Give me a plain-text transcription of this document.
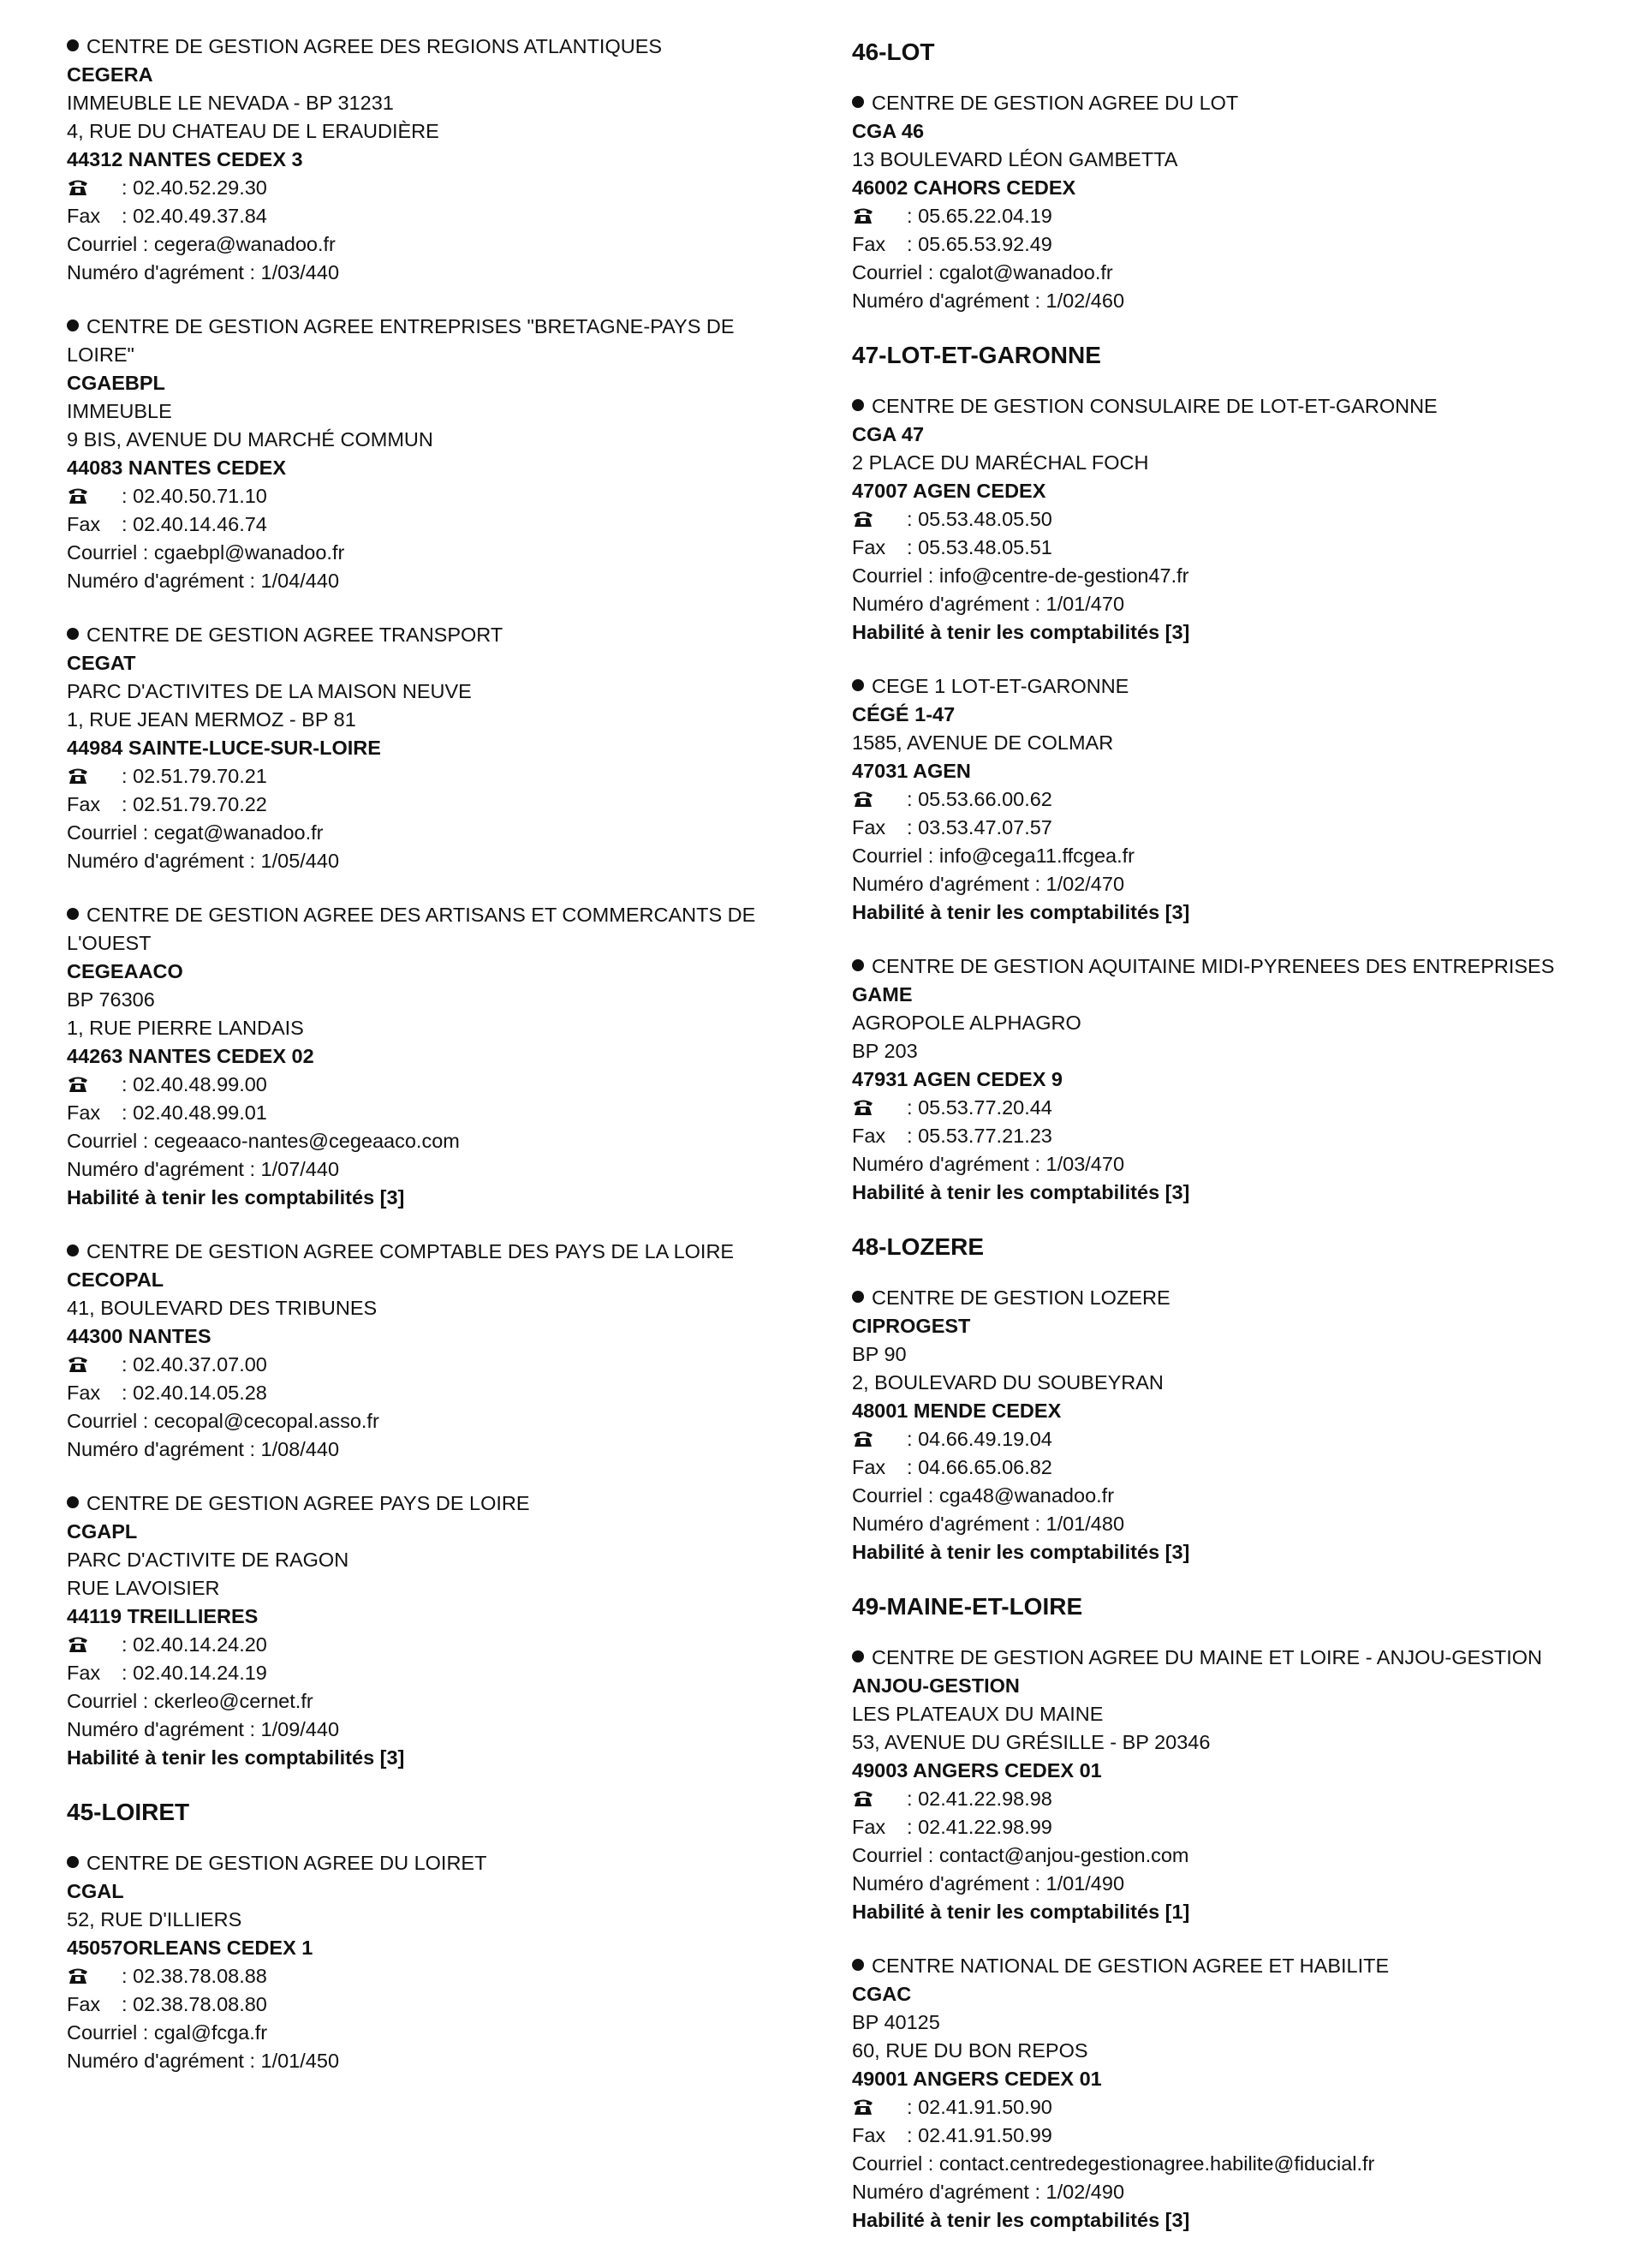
CENTRE DE GESTION AGREE DES REGIONS ATLANTIQUES
CEGERA
IMMEUBLE LE NEVADA - BP 31231
4, RUE DU CHATEAU DE L ERAUDIÈRE
44312 NANTES CEDEX 3
: 02.40.52.29.30
Fax : 02.40.49.37.84
Courriel : cegera@wanadoo.fr
Numéro d'agrément : 1/03/440
CENTRE DE GESTION AGREE ENTREPRISES "BRETAGNE-PAYS DE LOIRE"
CGAEBPL
IMMEUBLE
9 BIS, AVENUE DU MARCHÉ COMMUN
44083 NANTES CEDEX
: 02.40.50.71.10
Fax : 02.40.14.46.74
Courriel : cgaebpl@wanadoo.fr
Numéro d'agrément : 1/04/440
CENTRE DE GESTION AGREE TRANSPORT
CEGAT
PARC D'ACTIVITES DE LA MAISON NEUVE
1, RUE JEAN MERMOZ - BP 81
44984 SAINTE-LUCE-SUR-LOIRE
: 02.51.79.70.21
Fax : 02.51.79.70.22
Courriel : cegat@wanadoo.fr
Numéro d'agrément : 1/05/440
CENTRE DE GESTION AGREE DES ARTISANS ET COMMERCANTS DE L'OUEST
CEGEAACO
BP 76306
1, RUE PIERRE LANDAIS
44263 NANTES CEDEX 02
: 02.40.48.99.00
Fax : 02.40.48.99.01
Courriel : cegeaaco-nantes@cegeaaco.com
Numéro d'agrément : 1/07/440
Habilité à tenir les comptabilités [3]
CENTRE DE GESTION AGREE COMPTABLE DES PAYS DE LA LOIRE
CECOPAL
41, BOULEVARD DES TRIBUNES
44300 NANTES
: 02.40.37.07.00
Fax : 02.40.14.05.28
Courriel : cecopal@cecopal.asso.fr
Numéro d'agrément : 1/08/440
CENTRE DE GESTION AGREE PAYS DE LOIRE
CGAPL
PARC D'ACTIVITE DE RAGON
RUE LAVOISIER
44119 TREILLIERES
: 02.40.14.24.20
Fax : 02.40.14.24.19
Courriel : ckerleo@cernet.fr
Numéro d'agrément : 1/09/440
Habilité à tenir les comptabilités [3]
45-LOIRET
CENTRE DE GESTION AGREE DU LOIRET
CGAL
52, RUE D'ILLIERS
45057ORLEANS CEDEX 1
: 02.38.78.08.88
Fax : 02.38.78.08.80
Courriel : cgal@fcga.fr
Numéro d'agrément : 1/01/450
46-LOT
CENTRE DE GESTION AGREE DU LOT
CGA 46
13 BOULEVARD LÉON GAMBETTA
46002 CAHORS CEDEX
: 05.65.22.04.19
Fax : 05.65.53.92.49
Courriel : cgalot@wanadoo.fr
Numéro d'agrément : 1/02/460
47-LOT-ET-GARONNE
CENTRE DE GESTION CONSULAIRE DE LOT-ET-GARONNE
CGA 47
2 PLACE DU MARÉCHAL FOCH
47007 AGEN CEDEX
: 05.53.48.05.50
Fax : 05.53.48.05.51
Courriel : info@centre-de-gestion47.fr
Numéro d'agrément : 1/01/470
Habilité à tenir les comptabilités [3]
CEGE 1 LOT-ET-GARONNE
CÉGÉ 1-47
1585, AVENUE DE COLMAR
47031 AGEN
: 05.53.66.00.62
Fax : 03.53.47.07.57
Courriel : info@cega11.ffcgea.fr
Numéro d'agrément : 1/02/470
Habilité à tenir les comptabilités [3]
CENTRE DE GESTION AQUITAINE MIDI-PYRENEES DES ENTREPRISES
GAME
AGROPOLE ALPHAGRO
BP 203
47931 AGEN CEDEX 9
: 05.53.77.20.44
Fax : 05.53.77.21.23
Numéro d'agrément : 1/03/470
Habilité à tenir les comptabilités [3]
48-LOZERE
CENTRE DE GESTION LOZERE
CIPROGEST
BP 90
2, BOULEVARD DU SOUBEYRAN
48001 MENDE CEDEX
: 04.66.49.19.04
Fax : 04.66.65.06.82
Courriel : cga48@wanadoo.fr
Numéro d'agrément : 1/01/480
Habilité à tenir les comptabilités [3]
49-MAINE-ET-LOIRE
CENTRE DE GESTION AGREE DU MAINE ET LOIRE - ANJOU-GESTION
ANJOU-GESTION
LES PLATEAUX DU MAINE
53, AVENUE DU GRÉSILLE - BP 20346
49003 ANGERS CEDEX 01
: 02.41.22.98.98
Fax : 02.41.22.98.99
Courriel : contact@anjou-gestion.com
Numéro d'agrément : 1/01/490
Habilité à tenir les comptabilités [1]
CENTRE NATIONAL DE GESTION AGREE ET HABILITE
CGAC
BP 40125
60, RUE DU BON REPOS
49001 ANGERS CEDEX 01
: 02.41.91.50.90
Fax : 02.41.91.50.99
Courriel : contact.centredegestionagree.habilite@fiducial.fr
Numéro d'agrément : 1/02/490
Habilité à tenir les comptabilités [3]
